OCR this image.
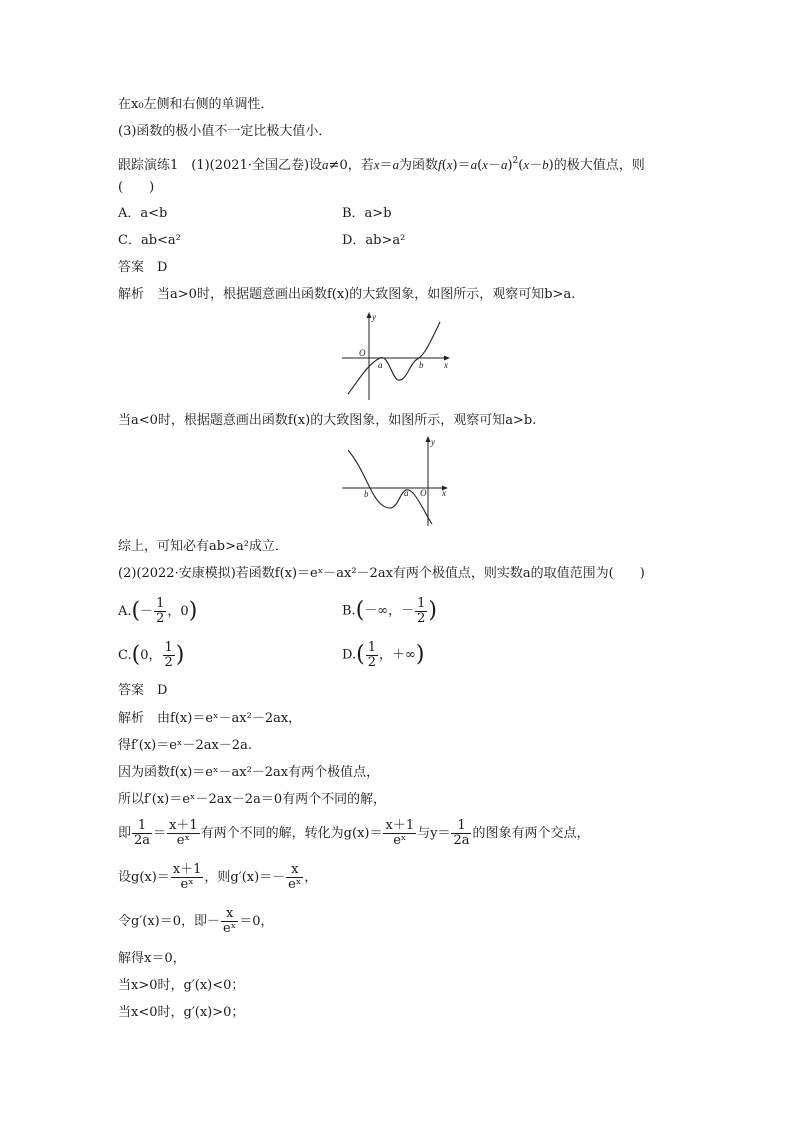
在x₀左侧和右侧的单调性．
(3)函数的极小值不一定比极大值小．
跟踪演练1　(1)(2021·全国乙卷)设a≠0，若x＝a为函数$f(x)=a(x-a)^2(x-b)$的极大值点，则
(　　)
A．a<b	B．a>b
C．ab<a²	D．ab>a²
答案　 D
解析　 当a>0时，根据题意画出函数f(x)的大致图象，如图所示，观察可知b>a.
y
O
a	b x
当a<0时，根据题意画出函数f(x)的大致图象，如图所示，观察可知a>b.
y
b	a O x
综上，可知必有ab>a²成立．
(2)(2022·安康模拟)若函数f(x)＝eˣ－ax²－2ax有两个极值点，则实数a的取值范围为(　　)
$A.(- \frac{1}{2}$ ，0)	B.(－∞，－ $\frac{1}{2}$ )
C.(0， $\frac{1}{2}$ )	$D.( \frac{1}{2}$ ，＋∞)
答案　 D
解析　 由f(x)＝eˣ－ax²－2ax，
得f′(x)＝eˣ－2ax－2a.
因为函数f(x)＝eˣ－ax²－2ax有两个极值点，
所以f′(x)＝eˣ－2ax－2a＝0有两个不同的解，
即 $\frac{1}{2a} = \frac{x+1}{\text{eˣ}}$ 有两个不同的解，转化为$g(x)= \frac{x+1}{\text{eˣ}}$ 与$y= \frac{1}{2a}$ 的图象有两个交点，
设$g(x)= \frac{x+1}{\text{eˣ}}$ ，则$g'(x)=- \frac{x}{\text{eˣ}}$ ，
令g′(x)＝0，即－ $\frac{x}{\text{eˣ}} =0$，
解得x＝0，
当x>0时，g′(x)<0；
当x<0时，g′(x)>0；
